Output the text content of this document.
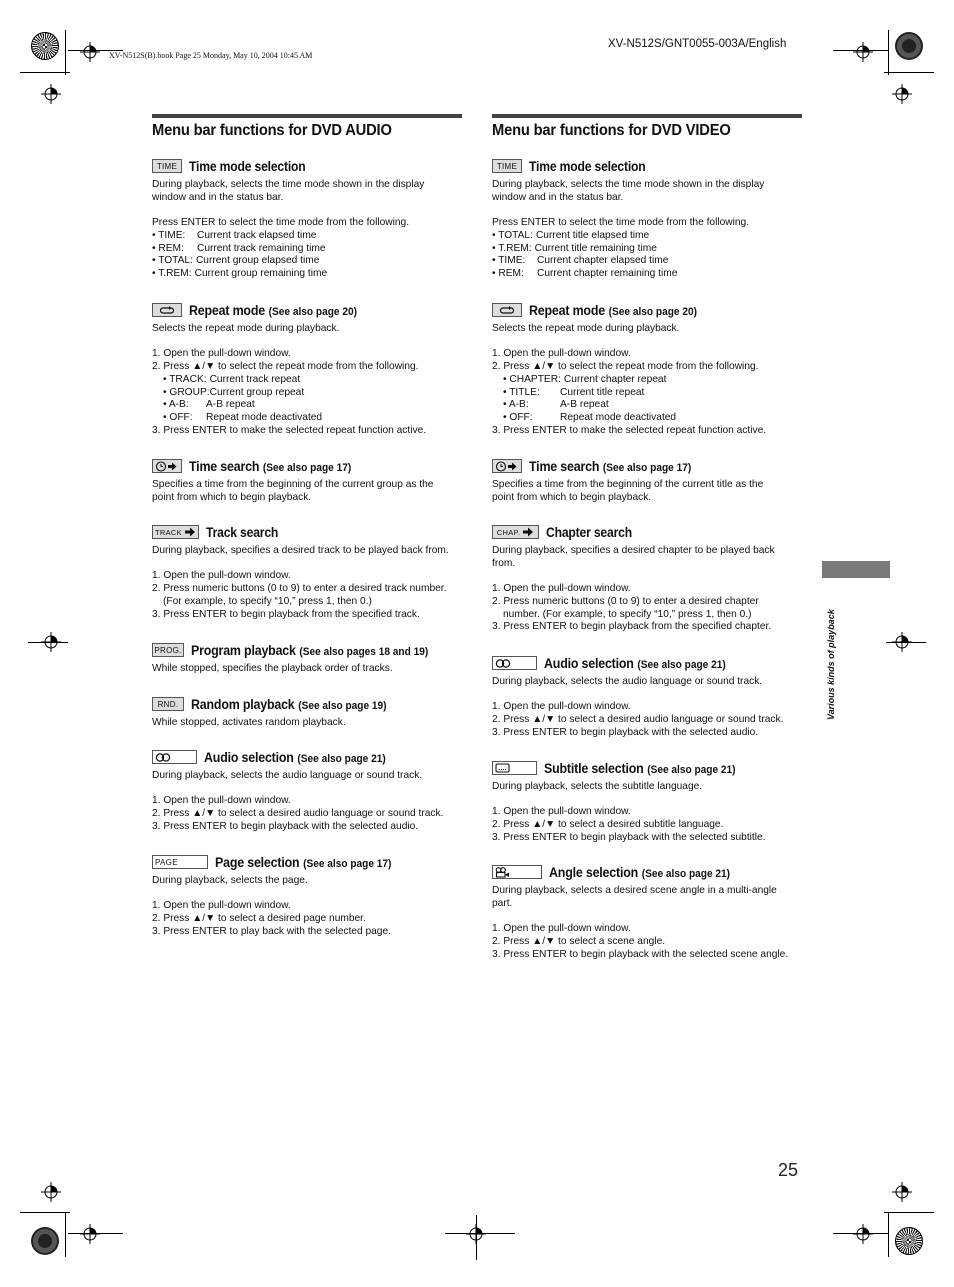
XV-N512S(B).book Page 25 Monday, May 10, 2004 10:45 AM
XV-N512S/GNT0055-003A/English
Various kinds of playback
25
Menu bar functions for DVD AUDIO
TIME Time mode selection

During playback, selects the time mode shown in the display

window and in the status bar.

Press ENTER to select the time mode from the following.

• TIME:	Current track elapsed time
• REM:	Current track remaining time
• TOTAL: Current group elapsed time
• T.REM: Current group remaining time
Repeat mode (See also page 20)

Selects the repeat mode during playback.

1. Open the pull-down window.

2. Press ▲/▼ to select the repeat mode from the following.

• TRACK: Current track repeat
• GROUP: Current group repeat
• A-B:	A-B repeat
• OFF:	Repeat mode deactivated

3. Press ENTER to make the selected repeat function active.

Time search (See also page 17)

Specifies a time from the beginning of the current group as the

point from which to begin playback.

TRACK Track search

During playback, specifies a desired track to be played back from.

1. Open the pull-down window.

2. Press numeric buttons (0 to 9) to enter a desired track number.

(For example, to specify “10,” press 1, then 0.)

3. Press ENTER to begin playback from the specified track.

PROG. Program playback (See also pages 18 and 19)

While stopped, specifies the playback order of tracks.

RND. Random playback (See also page 19)

While stopped, activates random playback.

Audio selection (See also page 21)

During playback, selects the audio language or sound track.

1. Open the pull-down window.

2. Press ▲/▼ to select a desired audio language or sound track.

3. Press ENTER to begin playback with the selected audio.

PAGE	Page selection (See also page 17)

During playback, selects the page.

1. Open the pull-down window.

2. Press ▲/▼ to select a desired page number.

3. Press ENTER to play back with the selected page.

Menu bar functions for DVD VIDEO
TIME Time mode selection

During playback, selects the time mode shown in the display

window and in the status bar.

Press ENTER to select the time mode from the following.

• TOTAL: Current title elapsed time
• T.REM: Current title remaining time
• TIME:	Current chapter elapsed time
• REM:	Current chapter remaining time
Repeat mode (See also page 20)

Selects the repeat mode during playback.

1. Open the pull-down window.

2. Press ▲/▼ to select the repeat mode from the following.

• CHAPTER: Current chapter repeat
• TITLE:	Current title repeat
• A-B:	A-B repeat
• OFF:	Repeat mode deactivated

3. Press ENTER to make the selected repeat function active.

Time search (See also page 17)

Specifies a time from the beginning of the current title as the

point from which to begin playback.

CHAP. Chapter search

During playback, specifies a desired chapter to be played back

from.

1. Open the pull-down window.

2. Press numeric buttons (0 to 9) to enter a desired chapter

number. (For example, to specify “10,” press 1, then 0.)

3. Press ENTER to begin playback from the specified chapter.

Audio selection (See also page 21)

During playback, selects the audio language or sound track.

1. Open the pull-down window.

2. Press ▲/▼ to select a desired audio language or sound track.

3. Press ENTER to begin playback with the selected audio.

Subtitle selection (See also page 21)

During playback, selects the subtitle language.

1. Open the pull-down window.

2. Press ▲/▼ to select a desired subtitle language.

3. Press ENTER to begin playback with the selected subtitle.

Angle selection (See also page 21)

During playback, selects a desired scene angle in a multi-angle

part.

1. Open the pull-down window.

2. Press ▲/▼ to select a scene angle.

3. Press ENTER to begin playback with the selected scene angle.
